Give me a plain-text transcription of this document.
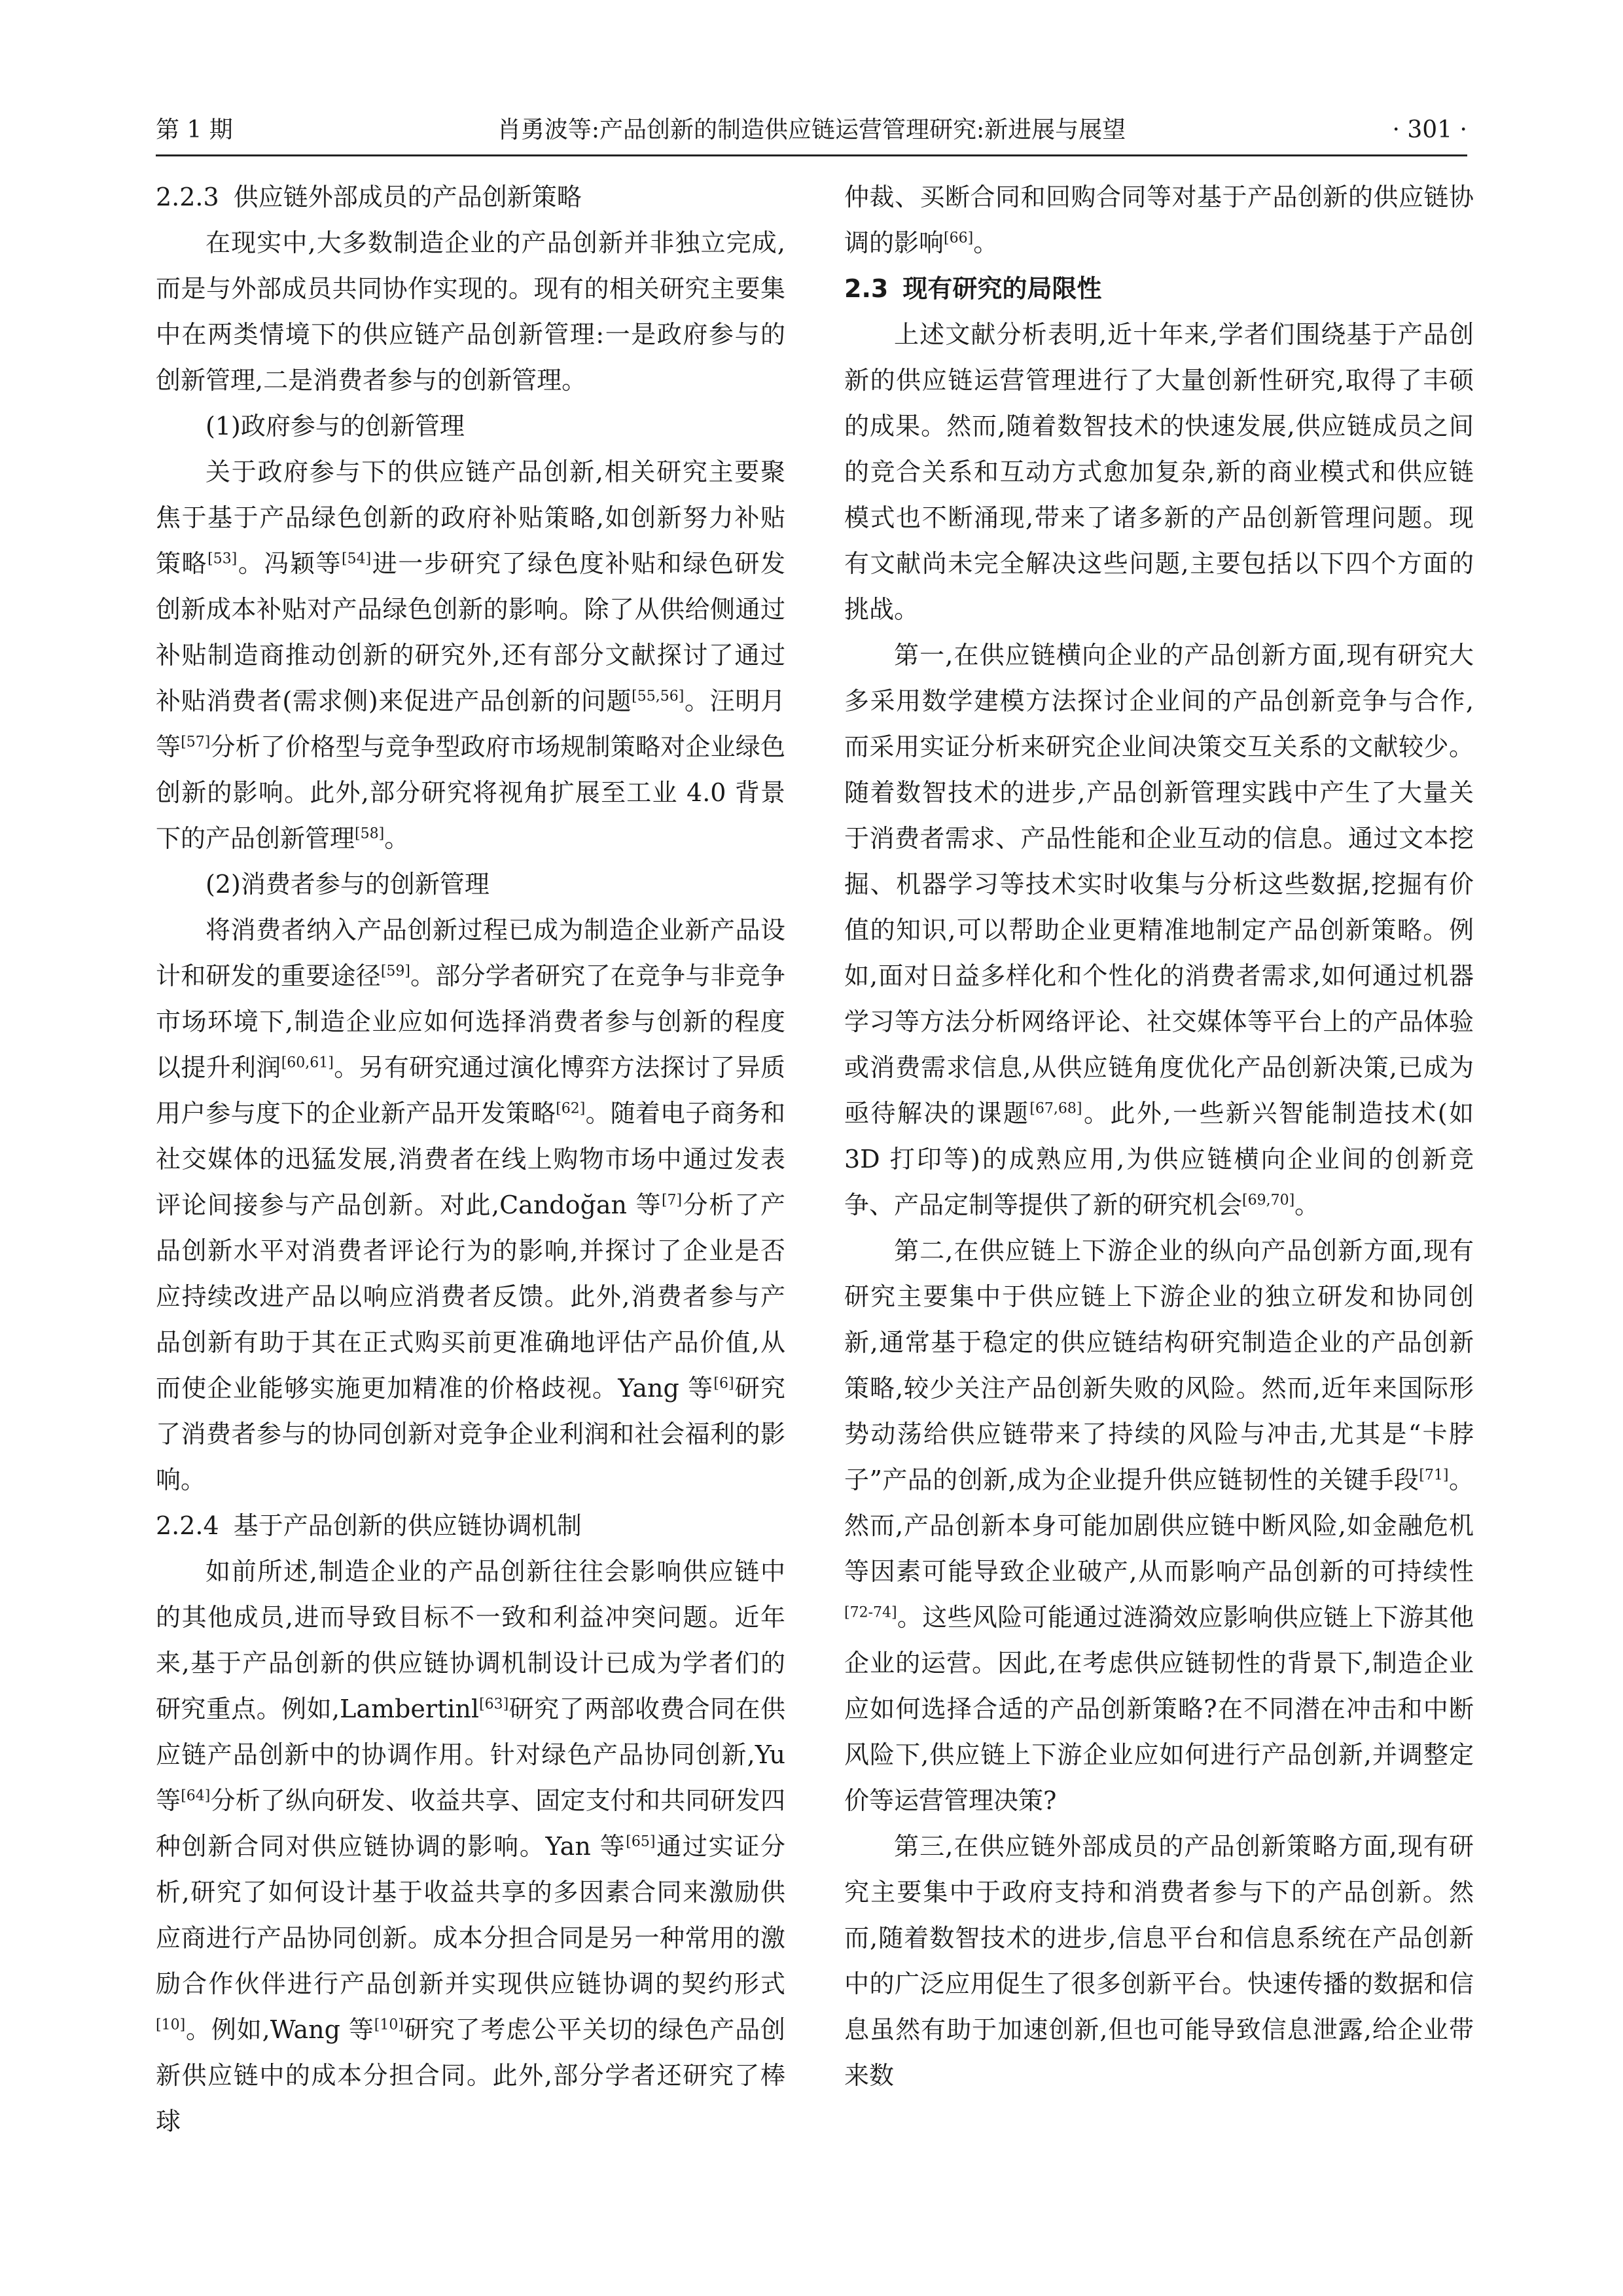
第 1 期	肖勇波等:产品创新的制造供应链运营管理研究:新进展与展望	· 301 ·
2.2.3 供应链外部成员的产品创新策略

在现实中,大多数制造企业的产品创新并非独立完成,而是与外部成员共同协作实现的。现有的相关研究主要集中在两类情境下的供应链产品创新管理:一是政府参与的创新管理,二是消费者参与的创新管理。

(1)政府参与的创新管理

关于政府参与下的供应链产品创新,相关研究主要聚焦于基于产品绿色创新的政府补贴策略,如创新努力补贴策略[53]。冯颖等[54]进一步研究了绿色度补贴和绿色研发创新成本补贴对产品绿色创新的影响。除了从供给侧通过补贴制造商推动创新的研究外,还有部分文献探讨了通过补贴消费者(需求侧)来促进产品创新的问题[55,56]。汪明月等[57]分析了价格型与竞争型政府市场规制策略对企业绿色创新的影响。此外,部分研究将视角扩展至工业 4.0 背景下的产品创新管理[58]。

(2)消费者参与的创新管理

将消费者纳入产品创新过程已成为制造企业新产品设计和研发的重要途径[59]。部分学者研究了在竞争与非竞争市场环境下,制造企业应如何选择消费者参与创新的程度以提升利润[60,61]。另有研究通过演化博弈方法探讨了异质用户参与度下的企业新产品开发策略[62]。随着电子商务和社交媒体的迅猛发展,消费者在线上购物市场中通过发表评论间接参与产品创新。对此,Candoğan 等[7]分析了产品创新水平对消费者评论行为的影响,并探讨了企业是否应持续改进产品以响应消费者反馈。此外,消费者参与产品创新有助于其在正式购买前更准确地评估产品价值,从而使企业能够实施更加精准的价格歧视。Yang 等[6]研究了消费者参与的协同创新对竞争企业利润和社会福利的影响。

2.2.4 基于产品创新的供应链协调机制

如前所述,制造企业的产品创新往往会影响供应链中的其他成员,进而导致目标不一致和利益冲突问题。近年来,基于产品创新的供应链协调机制设计已成为学者们的研究重点。例如,Lambertinl[63]研究了两部收费合同在供应链产品创新中的协调作用。针对绿色产品协同创新,Yu 等[64]分析了纵向研发、收益共享、固定支付和共同研发四种创新合同对供应链协调的影响。Yan 等[65]通过实证分析,研究了如何设计基于收益共享的多因素合同来激励供应商进行产品协同创新。成本分担合同是另一种常用的激励合作伙伴进行产品创新并实现供应链协调的契约形式[10]。例如,Wang 等[10]研究了考虑公平关切的绿色产品创新供应链中的成本分担合同。此外,部分学者还研究了棒球

仲裁、买断合同和回购合同等对基于产品创新的供应链协调的影响[66]。

2.3 现有研究的局限性

上述文献分析表明,近十年来,学者们围绕基于产品创新的供应链运营管理进行了大量创新性研究,取得了丰硕的成果。然而,随着数智技术的快速发展,供应链成员之间的竞合关系和互动方式愈加复杂,新的商业模式和供应链模式也不断涌现,带来了诸多新的产品创新管理问题。现有文献尚未完全解决这些问题,主要包括以下四个方面的挑战。

第一,在供应链横向企业的产品创新方面,现有研究大多采用数学建模方法探讨企业间的产品创新竞争与合作,而采用实证分析来研究企业间决策交互关系的文献较少。随着数智技术的进步,产品创新管理实践中产生了大量关于消费者需求、产品性能和企业互动的信息。通过文本挖掘、机器学习等技术实时收集与分析这些数据,挖掘有价值的知识,可以帮助企业更精准地制定产品创新策略。例如,面对日益多样化和个性化的消费者需求,如何通过机器学习等方法分析网络评论、社交媒体等平台上的产品体验或消费需求信息,从供应链角度优化产品创新决策,已成为亟待解决的课题[67,68]。此外,一些新兴智能制造技术(如 3D 打印等)的成熟应用,为供应链横向企业间的创新竞争、产品定制等提供了新的研究机会[69,70]。

第二,在供应链上下游企业的纵向产品创新方面,现有研究主要集中于供应链上下游企业的独立研发和协同创新,通常基于稳定的供应链结构研究制造企业的产品创新策略,较少关注产品创新失败的风险。然而,近年来国际形势动荡给供应链带来了持续的风险与冲击,尤其是“卡脖子”产品的创新,成为企业提升供应链韧性的关键手段[71]。然而,产品创新本身可能加剧供应链中断风险,如金融危机等因素可能导致企业破产,从而影响产品创新的可持续性[72-74]。这些风险可能通过涟漪效应影响供应链上下游其他企业的运营。因此,在考虑供应链韧性的背景下,制造企业应如何选择合适的产品创新策略?在不同潜在冲击和中断风险下,供应链上下游企业应如何进行产品创新,并调整定价等运营管理决策?

第三,在供应链外部成员的产品创新策略方面,现有研究主要集中于政府支持和消费者参与下的产品创新。然而,随着数智技术的进步,信息平台和信息系统在产品创新中的广泛应用促生了很多创新平台。快速传播的数据和信息虽然有助于加速创新,但也可能导致信息泄露,给企业带来数
